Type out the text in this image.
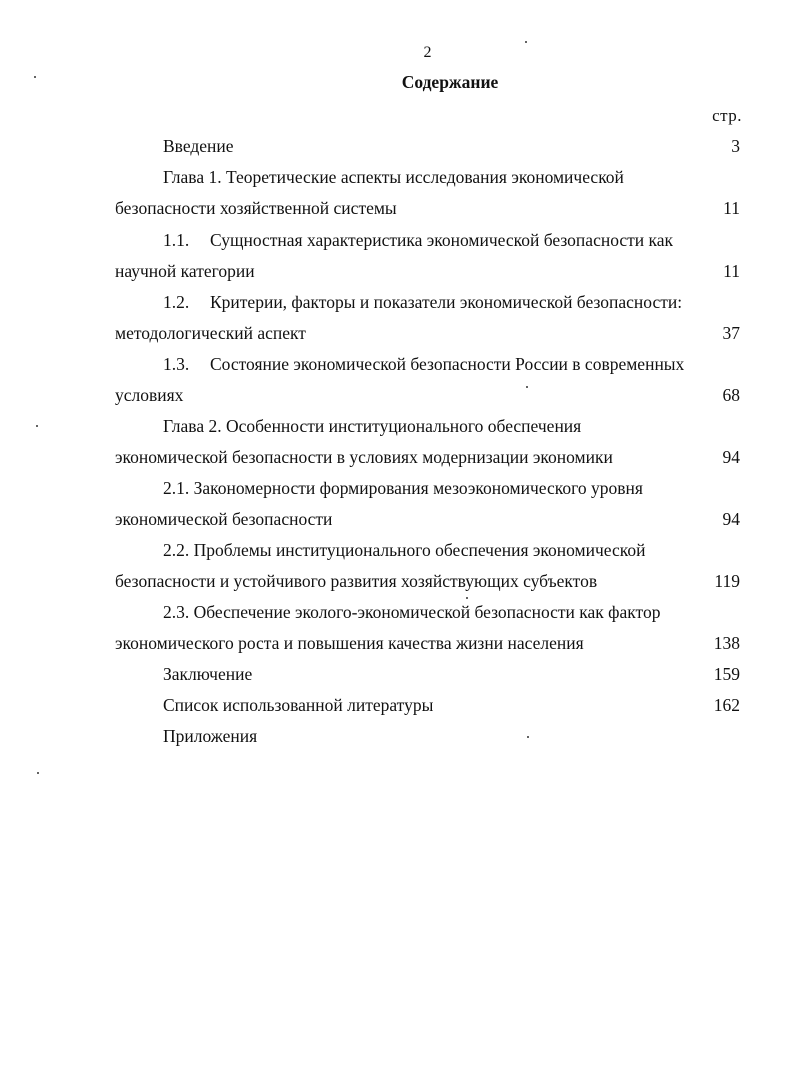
2
Содержание
стр.
Введение	3
Глава 1. Теоретические аспекты исследования экономической
безопасности хозяйственной системы	11
1.1. Сущностная характеристика экономической безопасности как
научной категории	11
1.2. Критерии, факторы и показатели экономической безопасности:
методологический аспект	37
1.3. Состояние экономической безопасности России в современных
условиях	68
Глава 2. Особенности институционального обеспечения
экономической безопасности в условиях модернизации экономики	94
2.1. Закономерности формирования мезоэкономического уровня
экономической безопасности	94
2.2. Проблемы институционального обеспечения экономической
безопасности и устойчивого развития хозяйствующих субъектов	119
2.3. Обеспечение эколого-экономической безопасности как фактор
экономического роста и повышения качества жизни населения	138
Заключение	159
Список использованной литературы	162
Приложения
